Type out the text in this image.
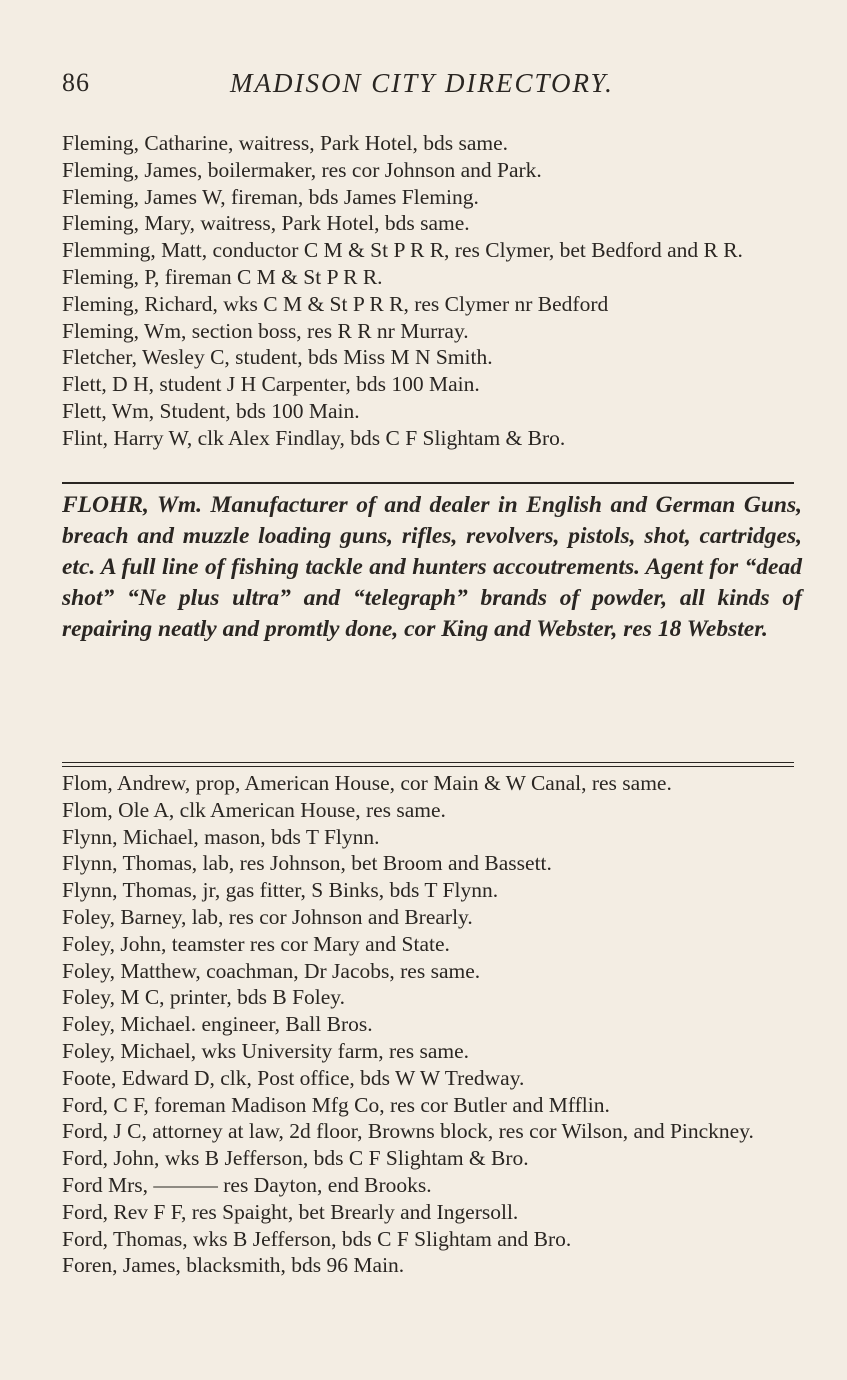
86	MADISON CITY DIRECTORY.

Fleming, Catharine, waitress, Park Hotel, bds same.

Fleming, James, boilermaker, res cor Johnson and Park.

Fleming, James W, fireman, bds James Fleming.

Fleming, Mary, waitress, Park Hotel, bds same.

Flemming, Matt, conductor C M & St P R R, res Clymer, bet Bedford and R R.

Fleming, P, fireman C M & St P R R.

Fleming, Richard, wks C M & St P R R, res Clymer nr Bedford

Fleming, Wm, section boss, res R R nr Murray.

Fletcher, Wesley C, student, bds Miss M N Smith.

Flett, D H, student J H Carpenter, bds 100 Main.

Flett, Wm, Student, bds 100 Main.

Flint, Harry W, clk Alex Findlay, bds C F Slightam & Bro.

FLOHR, Wm. Manufacturer of and dealer in English and German Guns, breach and muzzle loading guns, rifles, revolvers, pistols, shot, cartridges, etc. A full line of fishing tackle and hunters accoutrements. Agent for “dead shot” “Ne plus ultra” and “telegraph” brands of powder, all kinds of repairing neatly and promtly done, cor King and Webster, res 18 Webster.

Flom, Andrew, prop, American House, cor Main & W Canal, res same.

Flom, Ole A, clk American House, res same.

Flynn, Michael, mason, bds T Flynn.

Flynn, Thomas, lab, res Johnson, bet Broom and Bassett.

Flynn, Thomas, jr, gas fitter, S Binks, bds T Flynn.

Foley, Barney, lab, res cor Johnson and Brearly.

Foley, John, teamster res cor Mary and State.

Foley, Matthew, coachman, Dr Jacobs, res same.

Foley, M C, printer, bds B Foley.

Foley, Michael. engineer, Ball Bros.

Foley, Michael, wks University farm, res same.

Foote, Edward D, clk, Post office, bds W W Tredway.

Ford, C F, foreman Madison Mfg Co, res cor Butler and Mfflin.

Ford, J C, attorney at law, 2d floor, Browns block, res cor Wilson, and Pinckney.

Ford, John, wks B Jefferson, bds C F Slightam & Bro.

Ford Mrs, ——— res Dayton, end Brooks.

Ford, Rev F F, res Spaight, bet Brearly and Ingersoll.

Ford, Thomas, wks B Jefferson, bds C F Slightam and Bro.

Foren, James, blacksmith, bds 96 Main.
